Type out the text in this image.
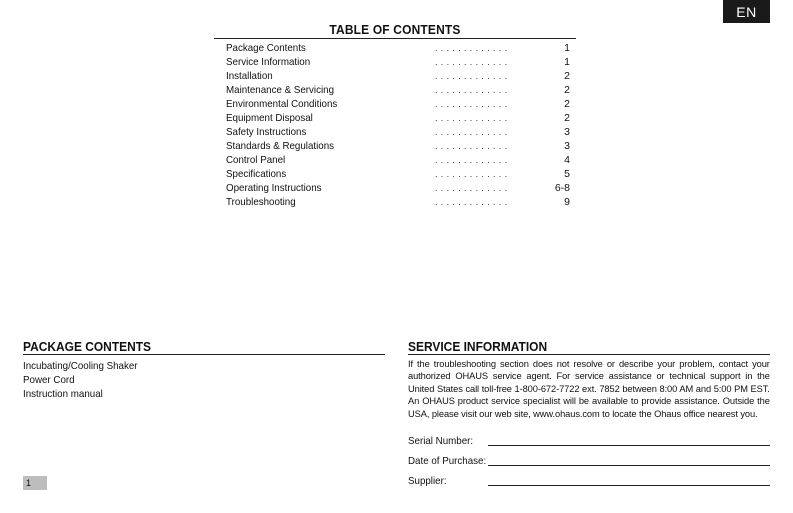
EN
TABLE OF CONTENTS
Package Contents	.............	1
Service Information	.............	1
Installation	.............	2
Maintenance & Servicing	.............	2
Environmental Conditions	.............	2
Equipment Disposal	.............	2
Safety Instructions	.............	3
Standards & Regulations	.............	3
Control Panel	.............	4
Specifications	.............	5
Operating Instructions	.............	6-8
Troubleshooting	.............	9
PACKAGE CONTENTS
Incubating/Cooling Shaker
Power Cord
Instruction manual
1
SERVICE INFORMATION

If the troubleshooting section does not resolve or describe your problem, contact your authorized OHAUS service agent. For service assistance or technical support in the United States call toll-free 1-800-672-7722 ext. 7852 between 8:00 AM and 5:00 PM EST. An OHAUS product service specialist will be available to provide assistance. Outside the USA, please visit our web site, www.ohaus.com to locate the Ohaus office nearest you.

Serial Number:
Date of Purchase:
Supplier:
